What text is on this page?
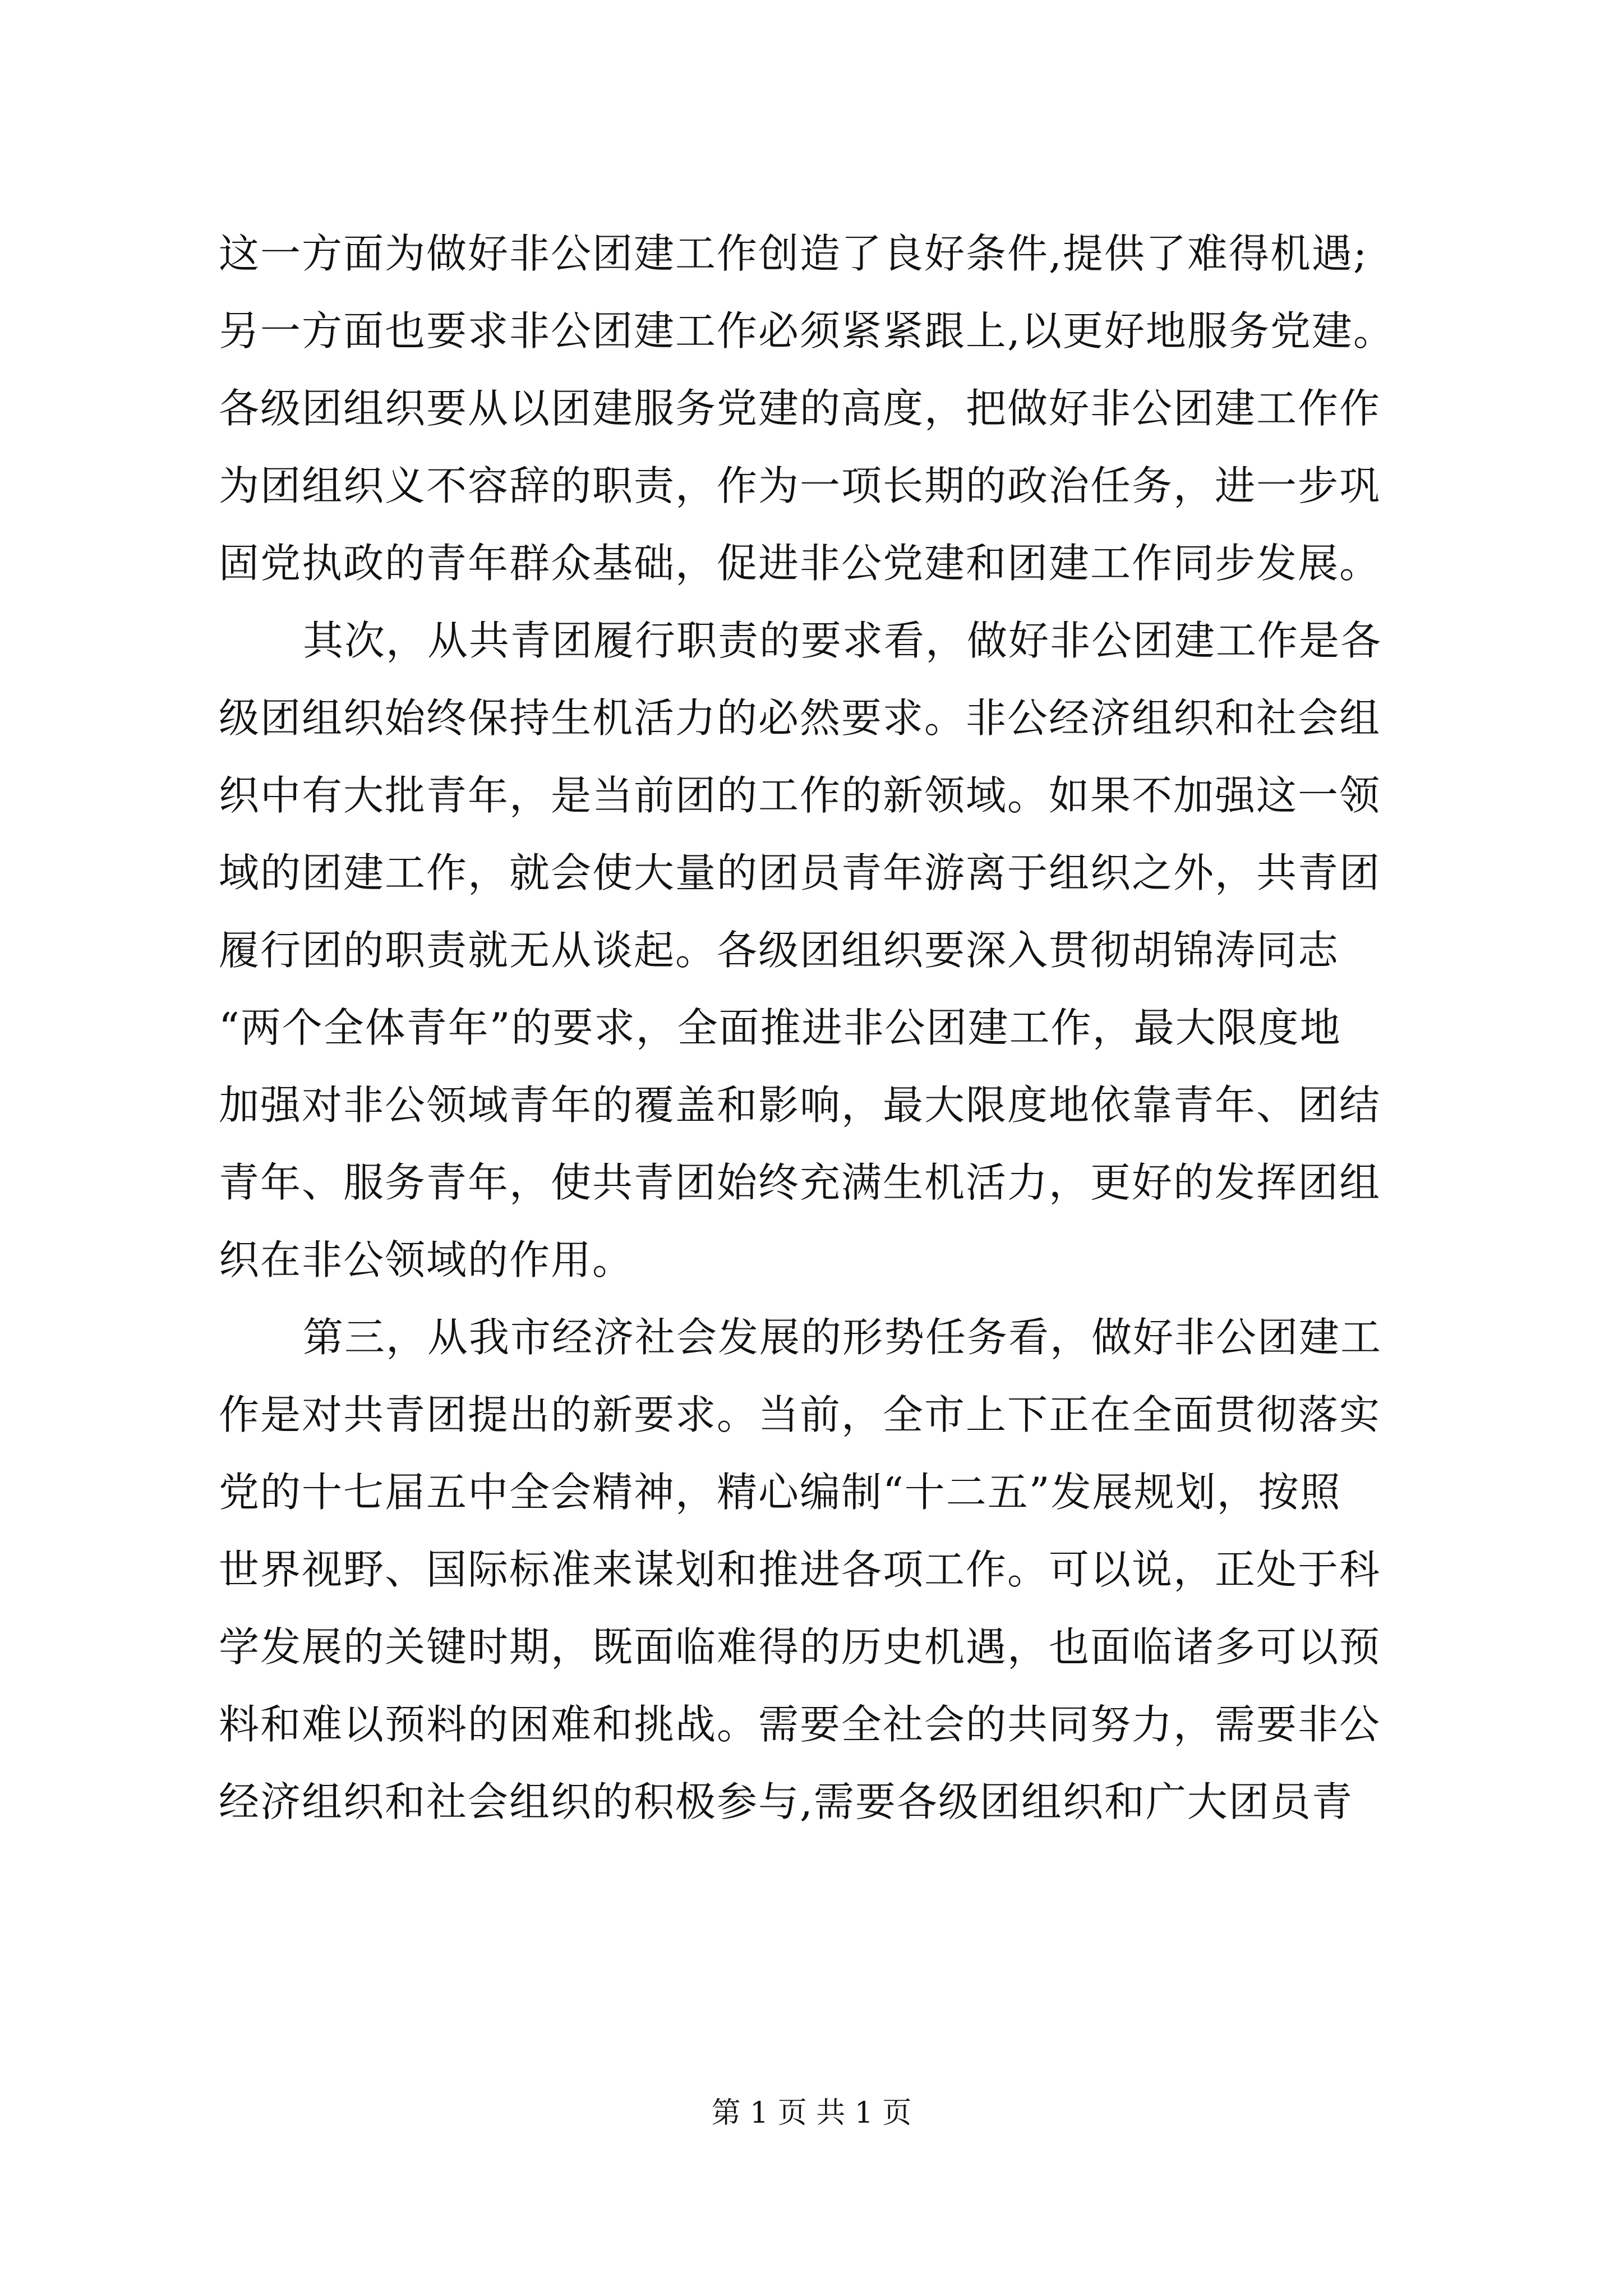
这一方面为做好非公团建工作创造了良好条件,提供了难得机遇;
另一方面也要求非公团建工作必须紧紧跟上,以更好地服务党建。
各级团组织要从以团建服务党建的高度，把做好非公团建工作作
为团组织义不容辞的职责，作为一项长期的政治任务，进一步巩
固党执政的青年群众基础，促进非公党建和团建工作同步发展。
其次，从共青团履行职责的要求看，做好非公团建工作是各
级团组织始终保持生机活力的必然要求。非公经济组织和社会组
织中有大批青年，是当前团的工作的新领域。如果不加强这一领
域的团建工作，就会使大量的团员青年游离于组织之外，共青团
履行团的职责就无从谈起。各级团组织要深入贯彻胡锦涛同志
“两个全体青年”的要求，全面推进非公团建工作，最大限度地
加强对非公领域青年的覆盖和影响，最大限度地依靠青年、团结
青年、服务青年，使共青团始终充满生机活力，更好的发挥团组
织在非公领域的作用。
第三，从我市经济社会发展的形势任务看，做好非公团建工
作是对共青团提出的新要求。当前，全市上下正在全面贯彻落实
党的十七届五中全会精神，精心编制“十二五”发展规划，按照
世界视野、国际标准来谋划和推进各项工作。可以说，正处于科
学发展的关键时期，既面临难得的历史机遇，也面临诸多可以预
料和难以预料的困难和挑战。需要全社会的共同努力，需要非公
经济组织和社会组织的积极参与,需要各级团组织和广大团员青
第 1 页 共 1 页
